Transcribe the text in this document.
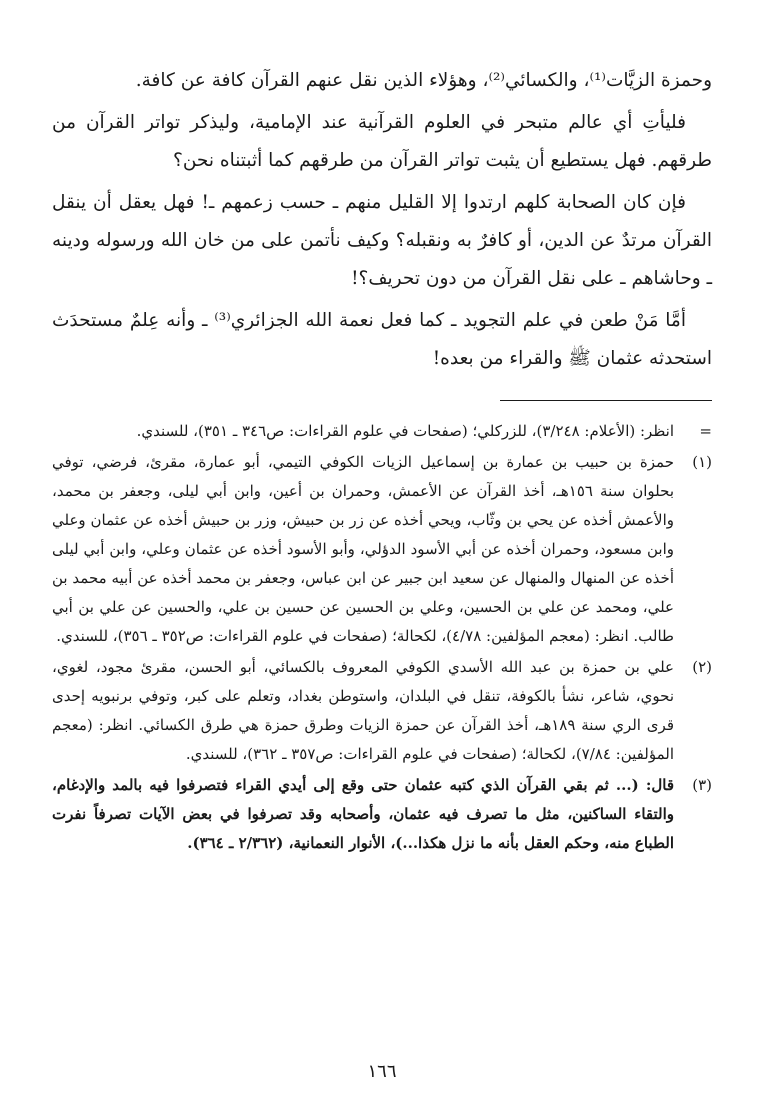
وحمزة الزيَّات⁽¹⁾، والكسائي⁽²⁾، وهؤلاء الذين نقل عنهم القرآن كافة عن كافة.

فليأتِ أي عالم متبحر في العلوم القرآنية عند الإمامية، وليذكر تواتر القرآن من طرقهم. فهل يستطيع أن يثبت تواتر القرآن من طرقهم كما أثبتناه نحن؟

فإن كان الصحابة كلهم ارتدوا إلا القليل منهم ـ حسب زعمهم ـ! فهل يعقل أن ينقل القرآن مرتدٌ عن الدين، أو كافرٌ به ونقبله؟ وكيف نأتمن على من خان الله ورسوله ودينه ـ وحاشاهم ـ على نقل القرآن من دون تحريف؟!

أمَّا مَنْ طعن في علم التجويد ـ كما فعل نعمة الله الجزائري⁽³⁾ ـ وأنه عِلمٌ مستحدَث استحدثه عثمان ﷺ والقراء من بعده!

=
انظر: (الأعلام: ٣/٢٤٨)، للزركلي؛ (صفحات في علوم القراءات: ص٣٤٦ ـ ٣٥١)، للسندي.
(١)
حمزة بن حبيب بن عمارة بن إسماعيل الزيات الكوفي التيمي، أبو عمارة، مقرئ، فرضي، توفي بحلوان سنة ١٥٦هـ، أخذ القرآن عن الأعمش، وحمران بن أعين، وابن أبي ليلى، وجعفر بن محمد، والأعمش أخذه عن يحي بن وثّاب، ويحي أخذه عن زر بن حبيش، وزر بن حبيش أخذه عن عثمان وعلي وابن مسعود، وحمران أخذه عن أبي الأسود الدؤلي، وأبو الأسود أخذه عن عثمان وعلي، وابن أبي ليلى أخذه عن المنهال والمنهال عن سعيد ابن جبير عن ابن عباس، وجعفر بن محمد أخذه عن أبيه محمد بن علي، ومحمد عن علي بن الحسين، وعلي بن الحسين عن حسين بن علي، والحسين عن علي بن أبي طالب. انظر: (معجم المؤلفين: ٤/٧٨)، لكحالة؛ (صفحات في علوم القراءات: ص٣٥٢ ـ ٣٥٦)، للسندي.
(٢)
علي بن حمزة بن عبد الله الأسدي الكوفي المعروف بالكسائي، أبو الحسن، مقرئ مجود، لغوي، نحوي، شاعر، نشأ بالكوفة، تنقل في البلدان، واستوطن بغداد، وتعلم على كبر، وتوفي برنبويه إحدى قرى الري سنة ١٨٩هـ، أخذ القرآن عن حمزة الزيات وطرق حمزة هي طرق الكسائي. انظر: (معجم المؤلفين: ٧/٨٤)، لكحالة؛ (صفحات في علوم القراءات: ص٣٥٧ ـ ٣٦٢)، للسندي.
(٣)
قال: (... ثم بقي القرآن الذي كتبه عثمان حتى وقع إلى أيدي القراء فتصرفوا فيه بالمد والإدغام، والتقاء الساكنين، مثل ما تصرف فيه عثمان، وأصحابه وقد تصرفوا في بعض الآيات تصرفاً نفرت الطباع منه، وحكم العقل بأنه ما نزل هكذا...)، الأنوار النعمانية، (٢/٣٦٢ ـ ٣٦٤).
١٦٦
